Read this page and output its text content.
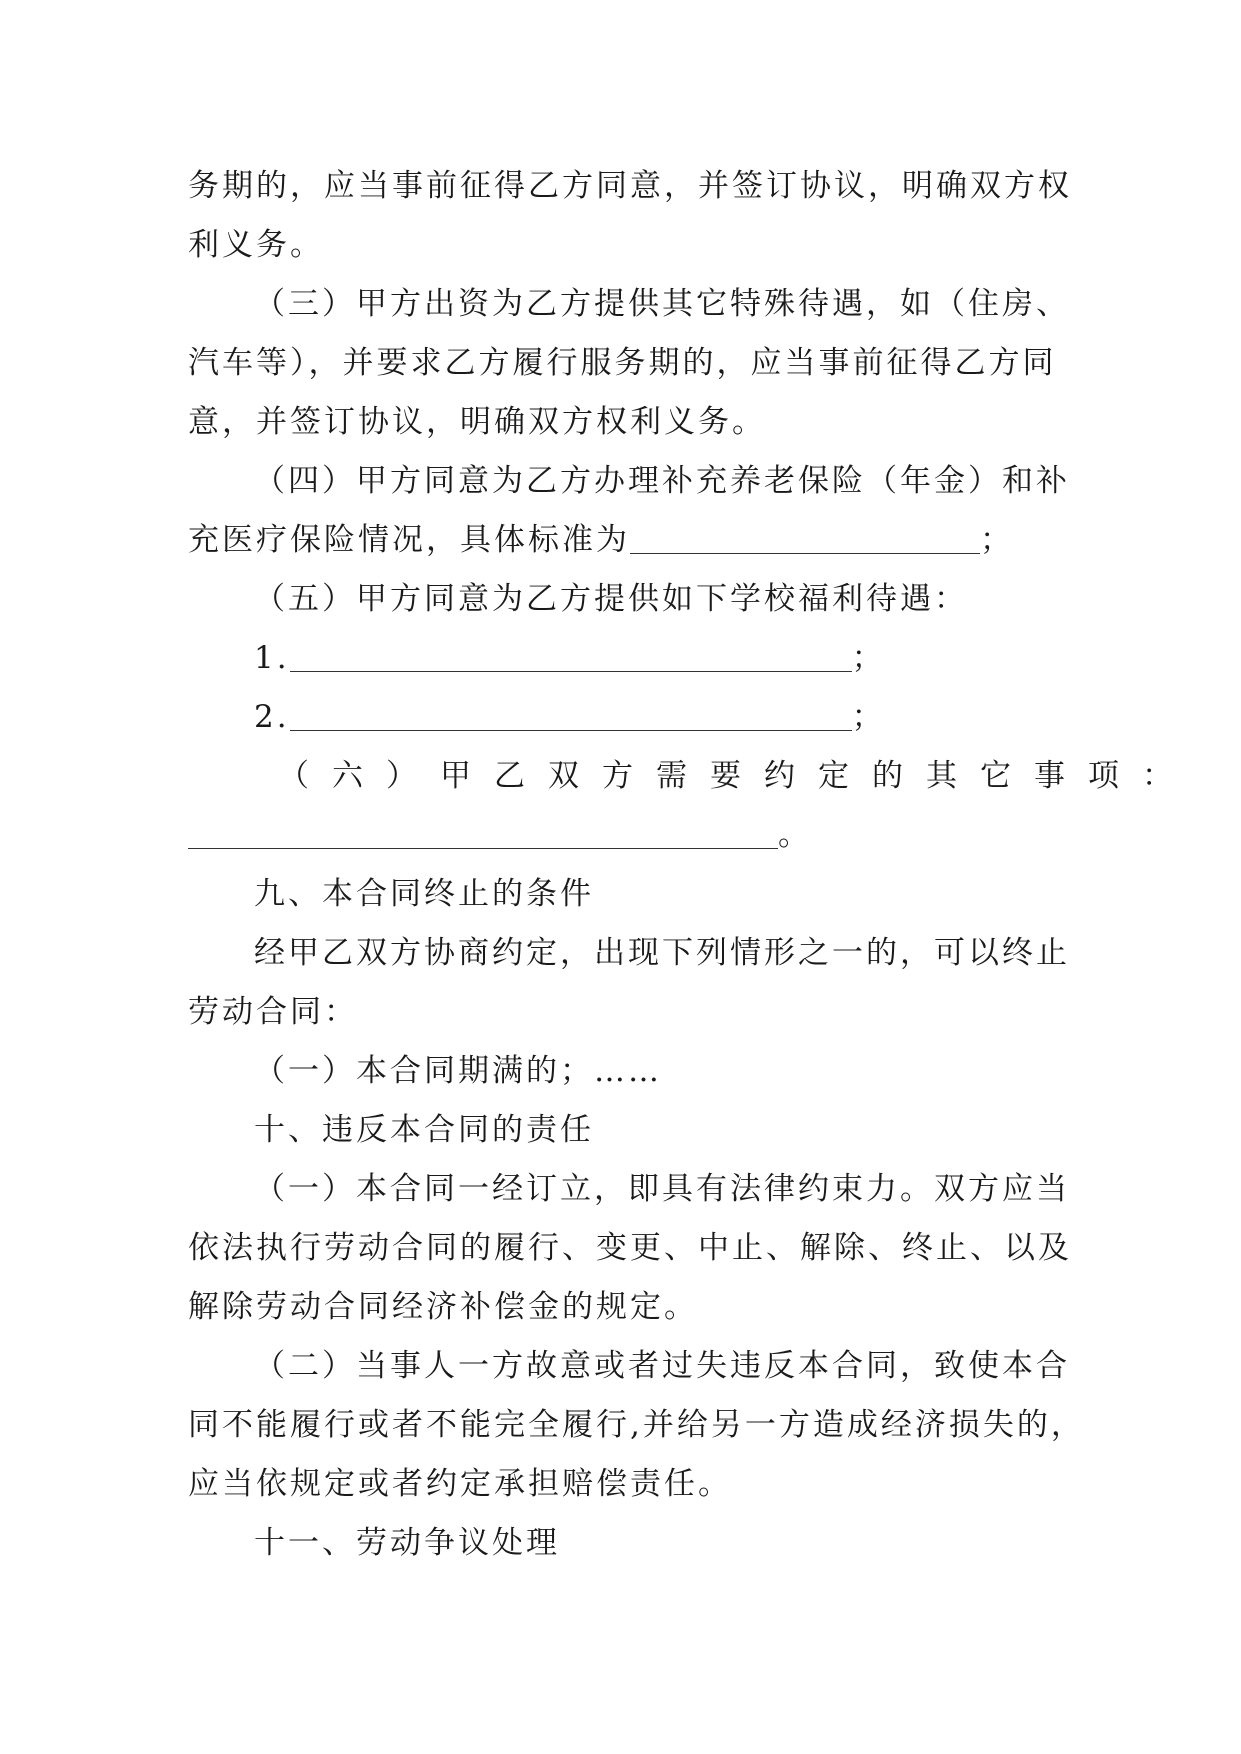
务期的，应当事前征得乙方同意，并签订协议，明确双方权
利义务。
（三）甲方出资为乙方提供其它特殊待遇，如（住房、
汽车等），并要求乙方履行服务期的，应当事前征得乙方同
意，并签订协议，明确双方权利义务。
（四）甲方同意为乙方办理补充养老保险（年金）和补
充医疗保险情况，具体标准为	；
（五）甲方同意为乙方提供如下学校福利待遇：
1.	；
2.	；
（六）甲乙双方需要约定的其它事项：
。
九、本合同终止的条件
经甲乙双方协商约定，出现下列情形之一的，可以终止
劳动合同：
（一）本合同期满的；……
十、违反本合同的责任
（一）本合同一经订立，即具有法律约束力。双方应当
依法执行劳动合同的履行、变更、中止、解除、终止、以及
解除劳动合同经济补偿金的规定。
（二）当事人一方故意或者过失违反本合同，致使本合
同不能履行或者不能完全履行,并给另一方造成经济损失的，
应当依规定或者约定承担赔偿责任。
十一、劳动争议处理
